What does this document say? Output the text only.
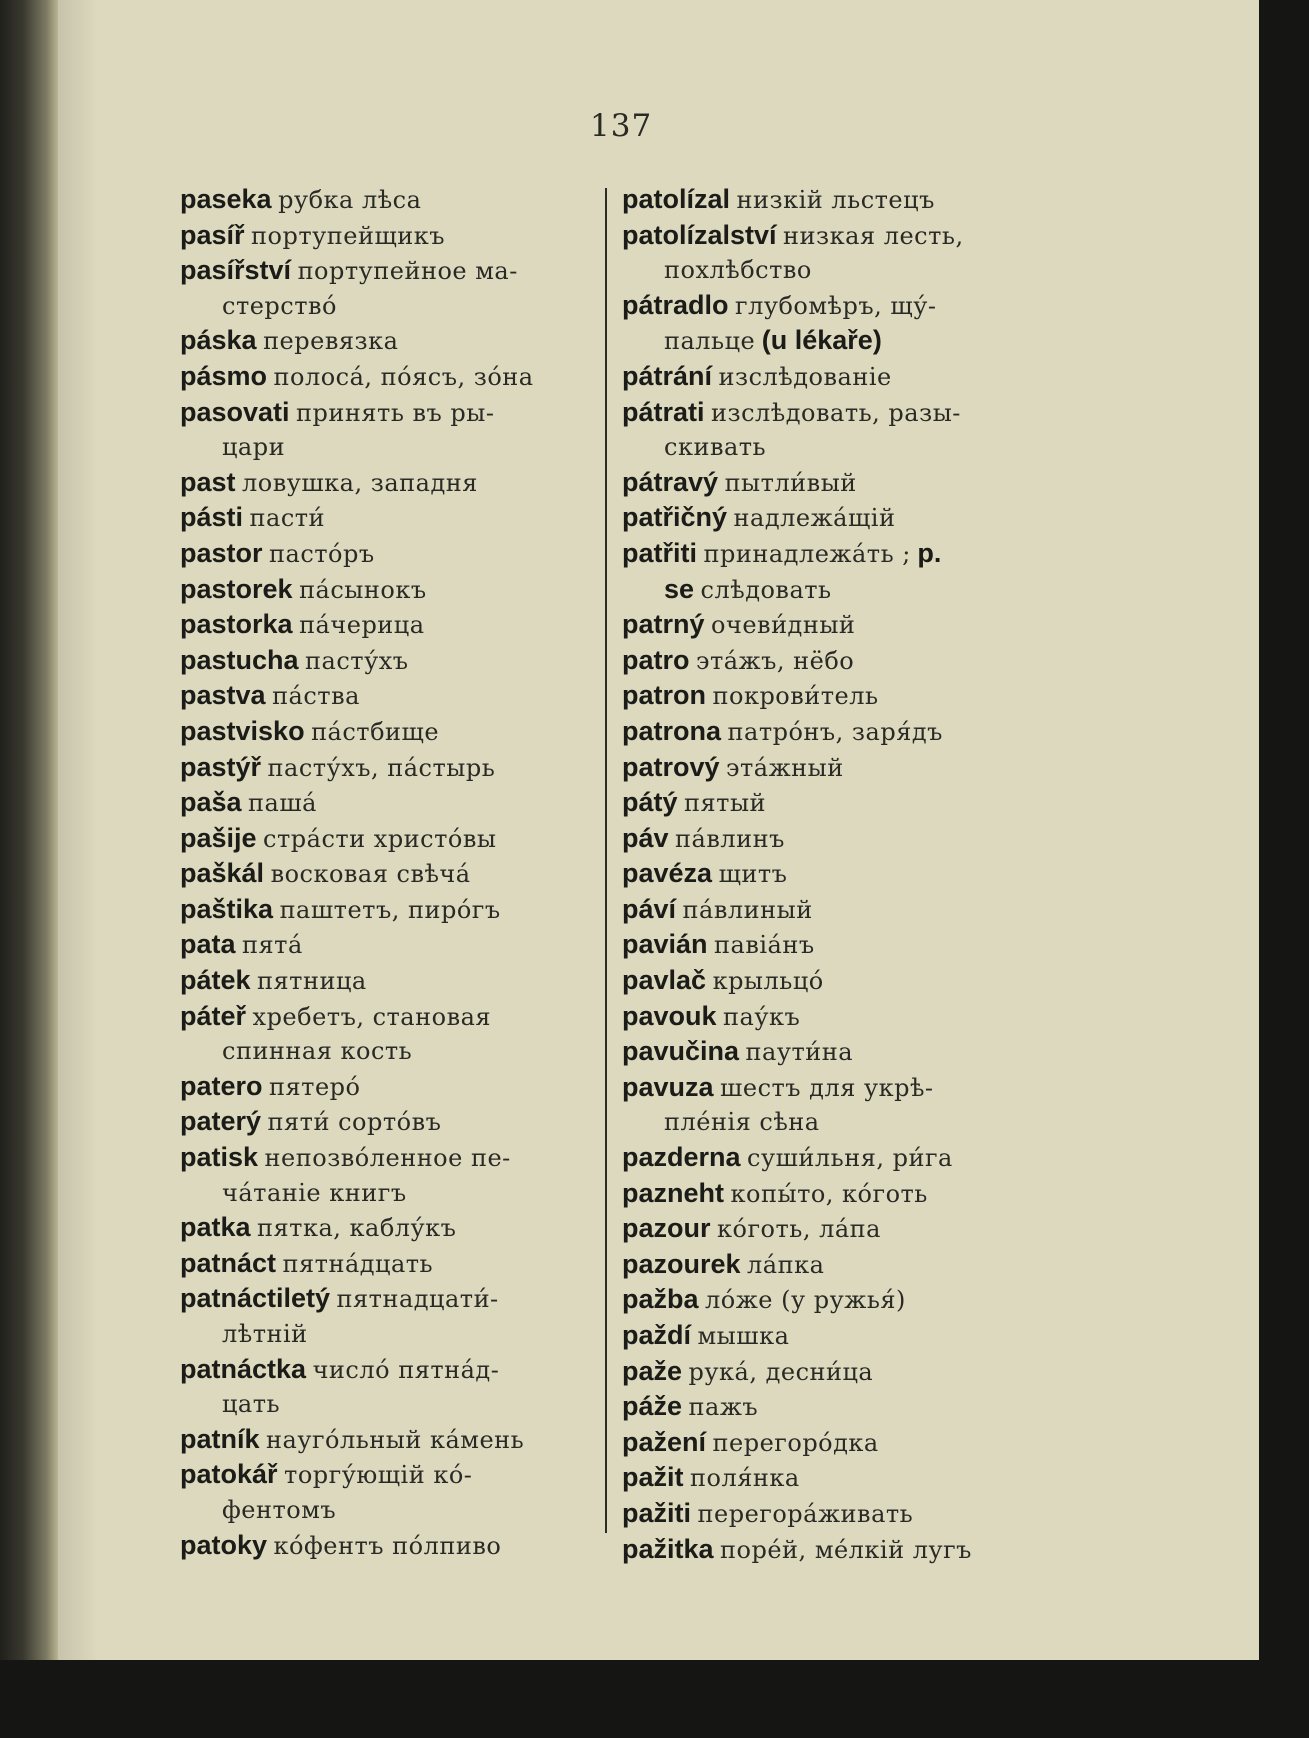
137
paseka рубка лѣса
pasíř портупейщикъ
pasířství портупейное ма-
стерство́
páska перевязка
pásmo полоса́, по́ясъ, зо́на
pasovati принять въ ры-
цари
past ловушка, западня
pásti пасти́
pastor пасто́ръ
pastorek па́сынокъ
pastorka па́черица
pastucha пасту́хъ
pastva па́ства
pastvisko па́стбище
pastýř пасту́хъ, па́стырь
paša паша́
pašije стра́сти христо́вы
paškál восковая свѣча́
paštika паштетъ, пиро́гъ
pata пята́
pátek пятница
páteř хребетъ, становая
спинная кость
patero пятеро́
paterý пяти́ сорто́въ
patisk непозво́ленное пе-
ча́таніе книгъ
patka пятка, каблу́къ
patnáct пятна́дцать
patnáctiletý пятнадцати́-
лѣтній
patnáctka число́ пятна́д-
цать
patník науго́льный ка́мень
patokář торгу́ющій ко́-
фентомъ
patoky ко́фентъ по́лпиво
patolízal низкій льстецъ
patolízalství низкая лесть,
похлѣбство
pátradlo глубомѣръ, щу́-
пальце (u lékaře)
pátrání изслѣдованіе
pátrati изслѣдовать, разы-
скивать
pátravý пытли́вый
patřičný надлежа́щій
patřiti принадлежа́ть ; p.
se слѣдовать
patrný очеви́дный
patro эта́жъ, нёбо
patron покрови́тель
patrona патро́нъ, заря́дъ
patrový эта́жный
pátý пятый
páv па́влинъ
pavéza щитъ
páví па́влиный
pavián павіа́нъ
pavlač крыльцо́
pavouk пау́къ
pavučina паути́на
pavuza шестъ для укрѣ-
пле́нія сѣна
pazderna суши́льня, ри́га
pazneht копы́то, ко́готь
pazour ко́готь, ла́па
pazourek ла́пка
pažba ло́же (у ружья́)
paždí мышка
paže рука́, десни́ца
páže пажъ
pažení перегоро́дка
pažit поля́нка
pažiti перегора́живать
pažitka поре́й, ме́лкій лугъ
